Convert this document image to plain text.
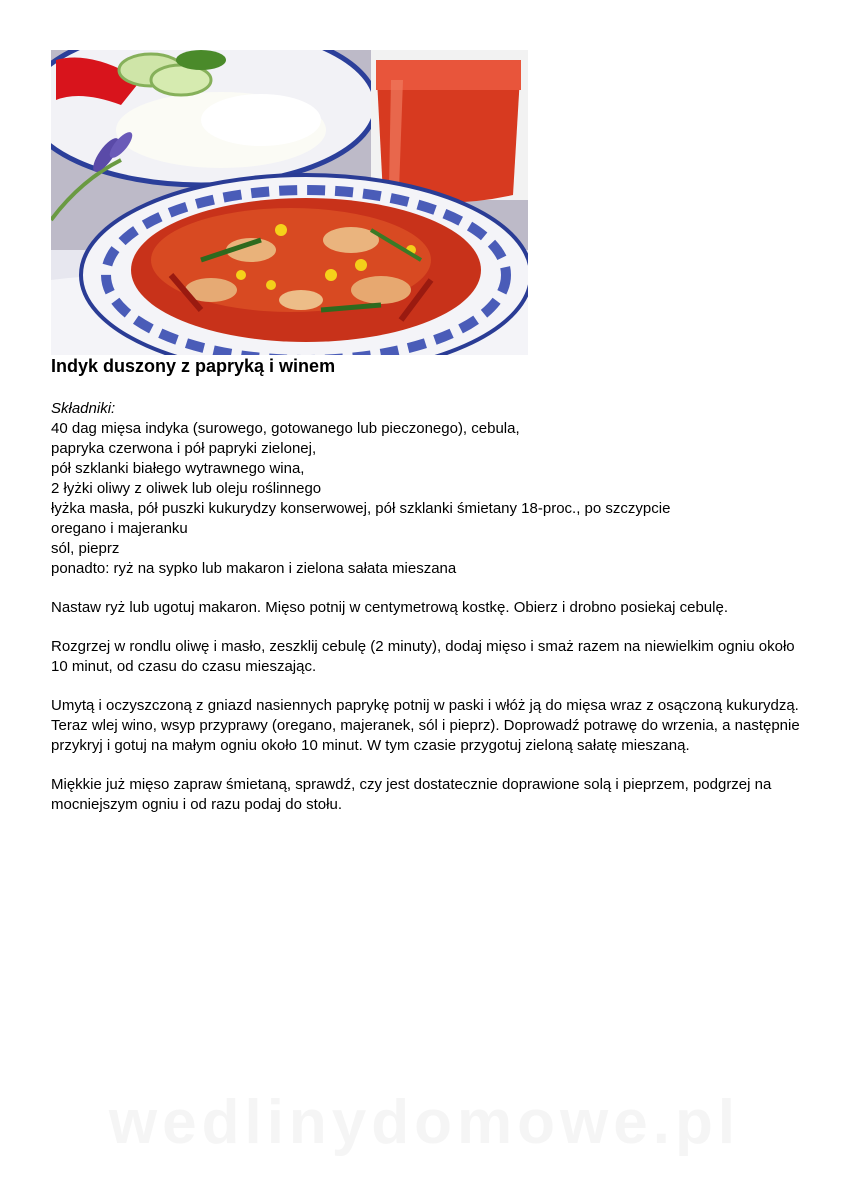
Indyk duszony z papryką i winem

Składniki:

40 dag mięsa indyka (surowego, gotowanego lub pieczonego), cebula,

papryka czerwona i pół papryki zielonej,

pół szklanki białego wytrawnego wina,

2 łyżki oliwy z oliwek lub oleju roślinnego

łyżka masła, pół puszki kukurydzy konserwowej, pół szklanki śmietany 18-proc., po szczypcie

oregano i majeranku

sól, pieprz

ponadto: ryż na sypko lub makaron i zielona sałata mieszana

Nastaw ryż lub ugotuj makaron. Mięso potnij w centymetrową kostkę. Obierz i drobno posiekaj cebulę.

Rozgrzej w rondlu oliwę i masło, zeszklij cebulę (2 minuty), dodaj mięso i smaż razem na niewielkim ogniu około 10 minut, od czasu do czasu mieszając.

Umytą i oczyszczoną z gniazd nasiennych paprykę potnij w paski i włóż ją do mięsa wraz z osączoną kukurydzą. Teraz wlej wino, wsyp przyprawy (oregano, majeranek, sól i pieprz). Doprowadź potrawę do wrzenia, a następnie przykryj i gotuj na małym ogniu około 10 minut. W tym czasie przygotuj zieloną sałatę mieszaną.

Miękkie już mięso zapraw śmietaną, sprawdź, czy jest dostatecznie doprawione solą i pieprzem, podgrzej na mocniejszym ogniu i od razu podaj do stołu.

wedlinydomowe.pl
